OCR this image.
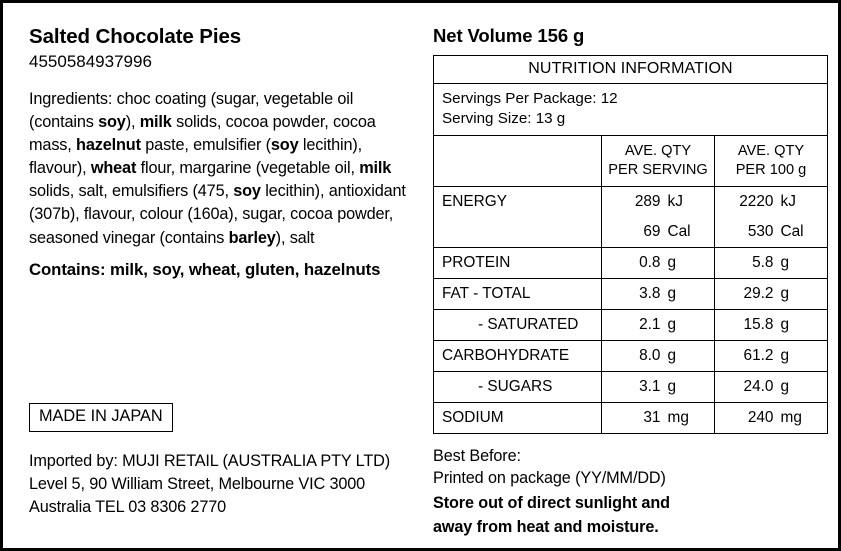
Salted Chocolate Pies
4550584937996
Ingredients: choc coating (sugar, vegetable oil (contains soy), milk solids, cocoa powder, cocoa mass, hazelnut paste, emulsifier (soy lecithin), flavour), wheat flour, margarine (vegetable oil, milk solids, salt, emulsifiers (475, soy lecithin), antioxidant (307b), flavour, colour (160a), sugar, cocoa powder, seasoned vinegar (contains barley), salt
Contains: milk, soy, wheat, gluten, hazelnuts
MADE IN JAPAN
Imported by: MUJI RETAIL (AUSTRALIA PTY LTD) Level 5, 90 William Street, Melbourne VIC 3000 Australia TEL 03 8306 2770
Net Volume 156 g
NUTRITION INFORMATION		

Servings Per Package: 12
Serving Size: 13 g		

AVE. QTY
PER SERVING

AVE. QTY
PER 100 g

ENERGY	289 kJ	2220 kJ

	69 Cal	530 Cal

PROTEIN	0.8 g	5.8 g

FAT - TOTAL	3.8 g	29.2 g

- SATURATED	2.1 g	15.8 g

CARBOHYDRATE	8.0 g	61.2 g

- SUGARS	3.1 g	24.0 g

SODIUM	31 mg	240 mg
Best Before:
Printed on package (YY/MM/DD)
Store out of direct sunlight and
away from heat and moisture.
